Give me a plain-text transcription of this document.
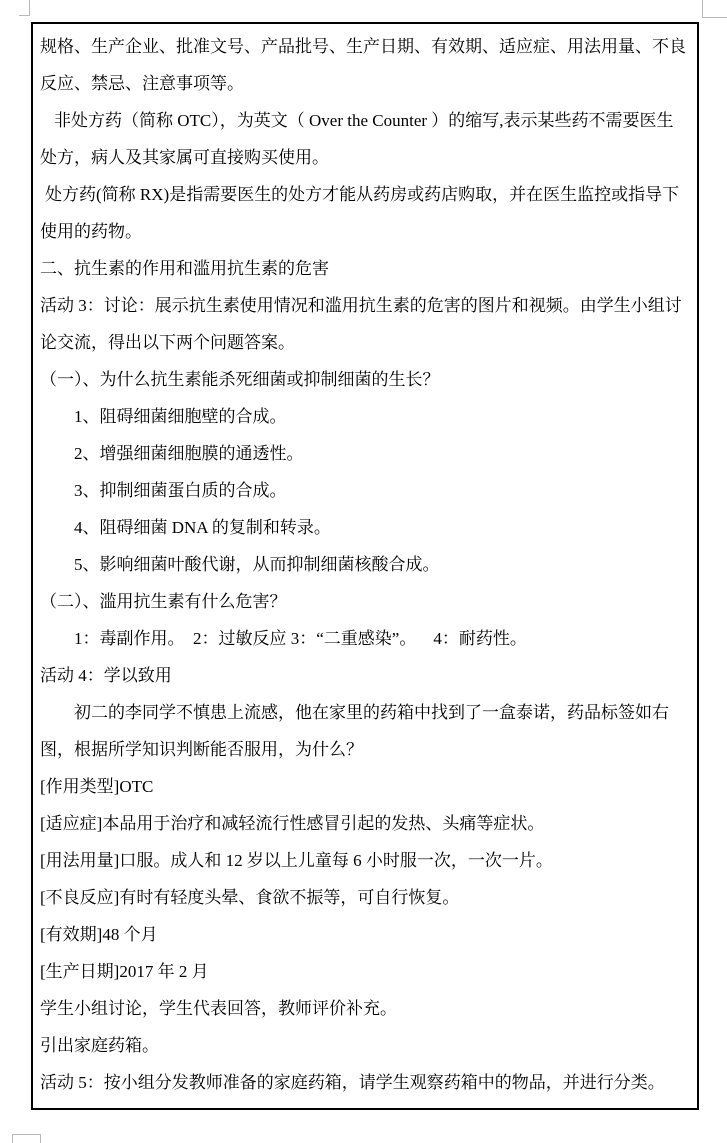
规格、生产企业、批准文号、产品批号、生产日期、有效期、适应症、用法用量、不良反应、禁忌、注意事项等。

非处方药（简称 OTC），为英文（ Over the Counter ）的缩写,表示某些药不需要医生处方，病人及其家属可直接购买使用。

处方药(简称 RX)是指需要医生的处方才能从药房或药店购取，并在医生监控或指导下使用的药物。

二、抗生素的作用和滥用抗生素的危害

活动 3：讨论：展示抗生素使用情况和滥用抗生素的危害的图片和视频。由学生小组讨论交流，得出以下两个问题答案。

（一）、为什么抗生素能杀死细菌或抑制细菌的生长？

1、阻碍细菌细胞壁的合成。

2、增强细菌细胞膜的通透性。

3、抑制细菌蛋白质的合成。

4、阻碍细菌 DNA 的复制和转录。

5、影响细菌叶酸代谢，从而抑制细菌核酸合成。

（二）、滥用抗生素有什么危害？

1：毒副作用。  2：过敏反应 3：“二重感染”。    4：耐药性。

活动 4：学以致用

初二的李同学不慎患上流感，他在家里的药箱中找到了一盒泰诺，药品标签如右图，根据所学知识判断能否服用，为什么？

[作用类型]OTC

[适应症]本品用于治疗和减轻流行性感冒引起的发热、头痛等症状。

[用法用量]口服。成人和 12 岁以上儿童每 6 小时服一次，一次一片。

[不良反应]有时有轻度头晕、食欲不振等，可自行恢复。

[有效期]48 个月

[生产日期]2017 年 2 月

学生小组讨论，学生代表回答，教师评价补充。

引出家庭药箱。

活动 5：按小组分发教师准备的家庭药箱，请学生观察药箱中的物品，并进行分类。
